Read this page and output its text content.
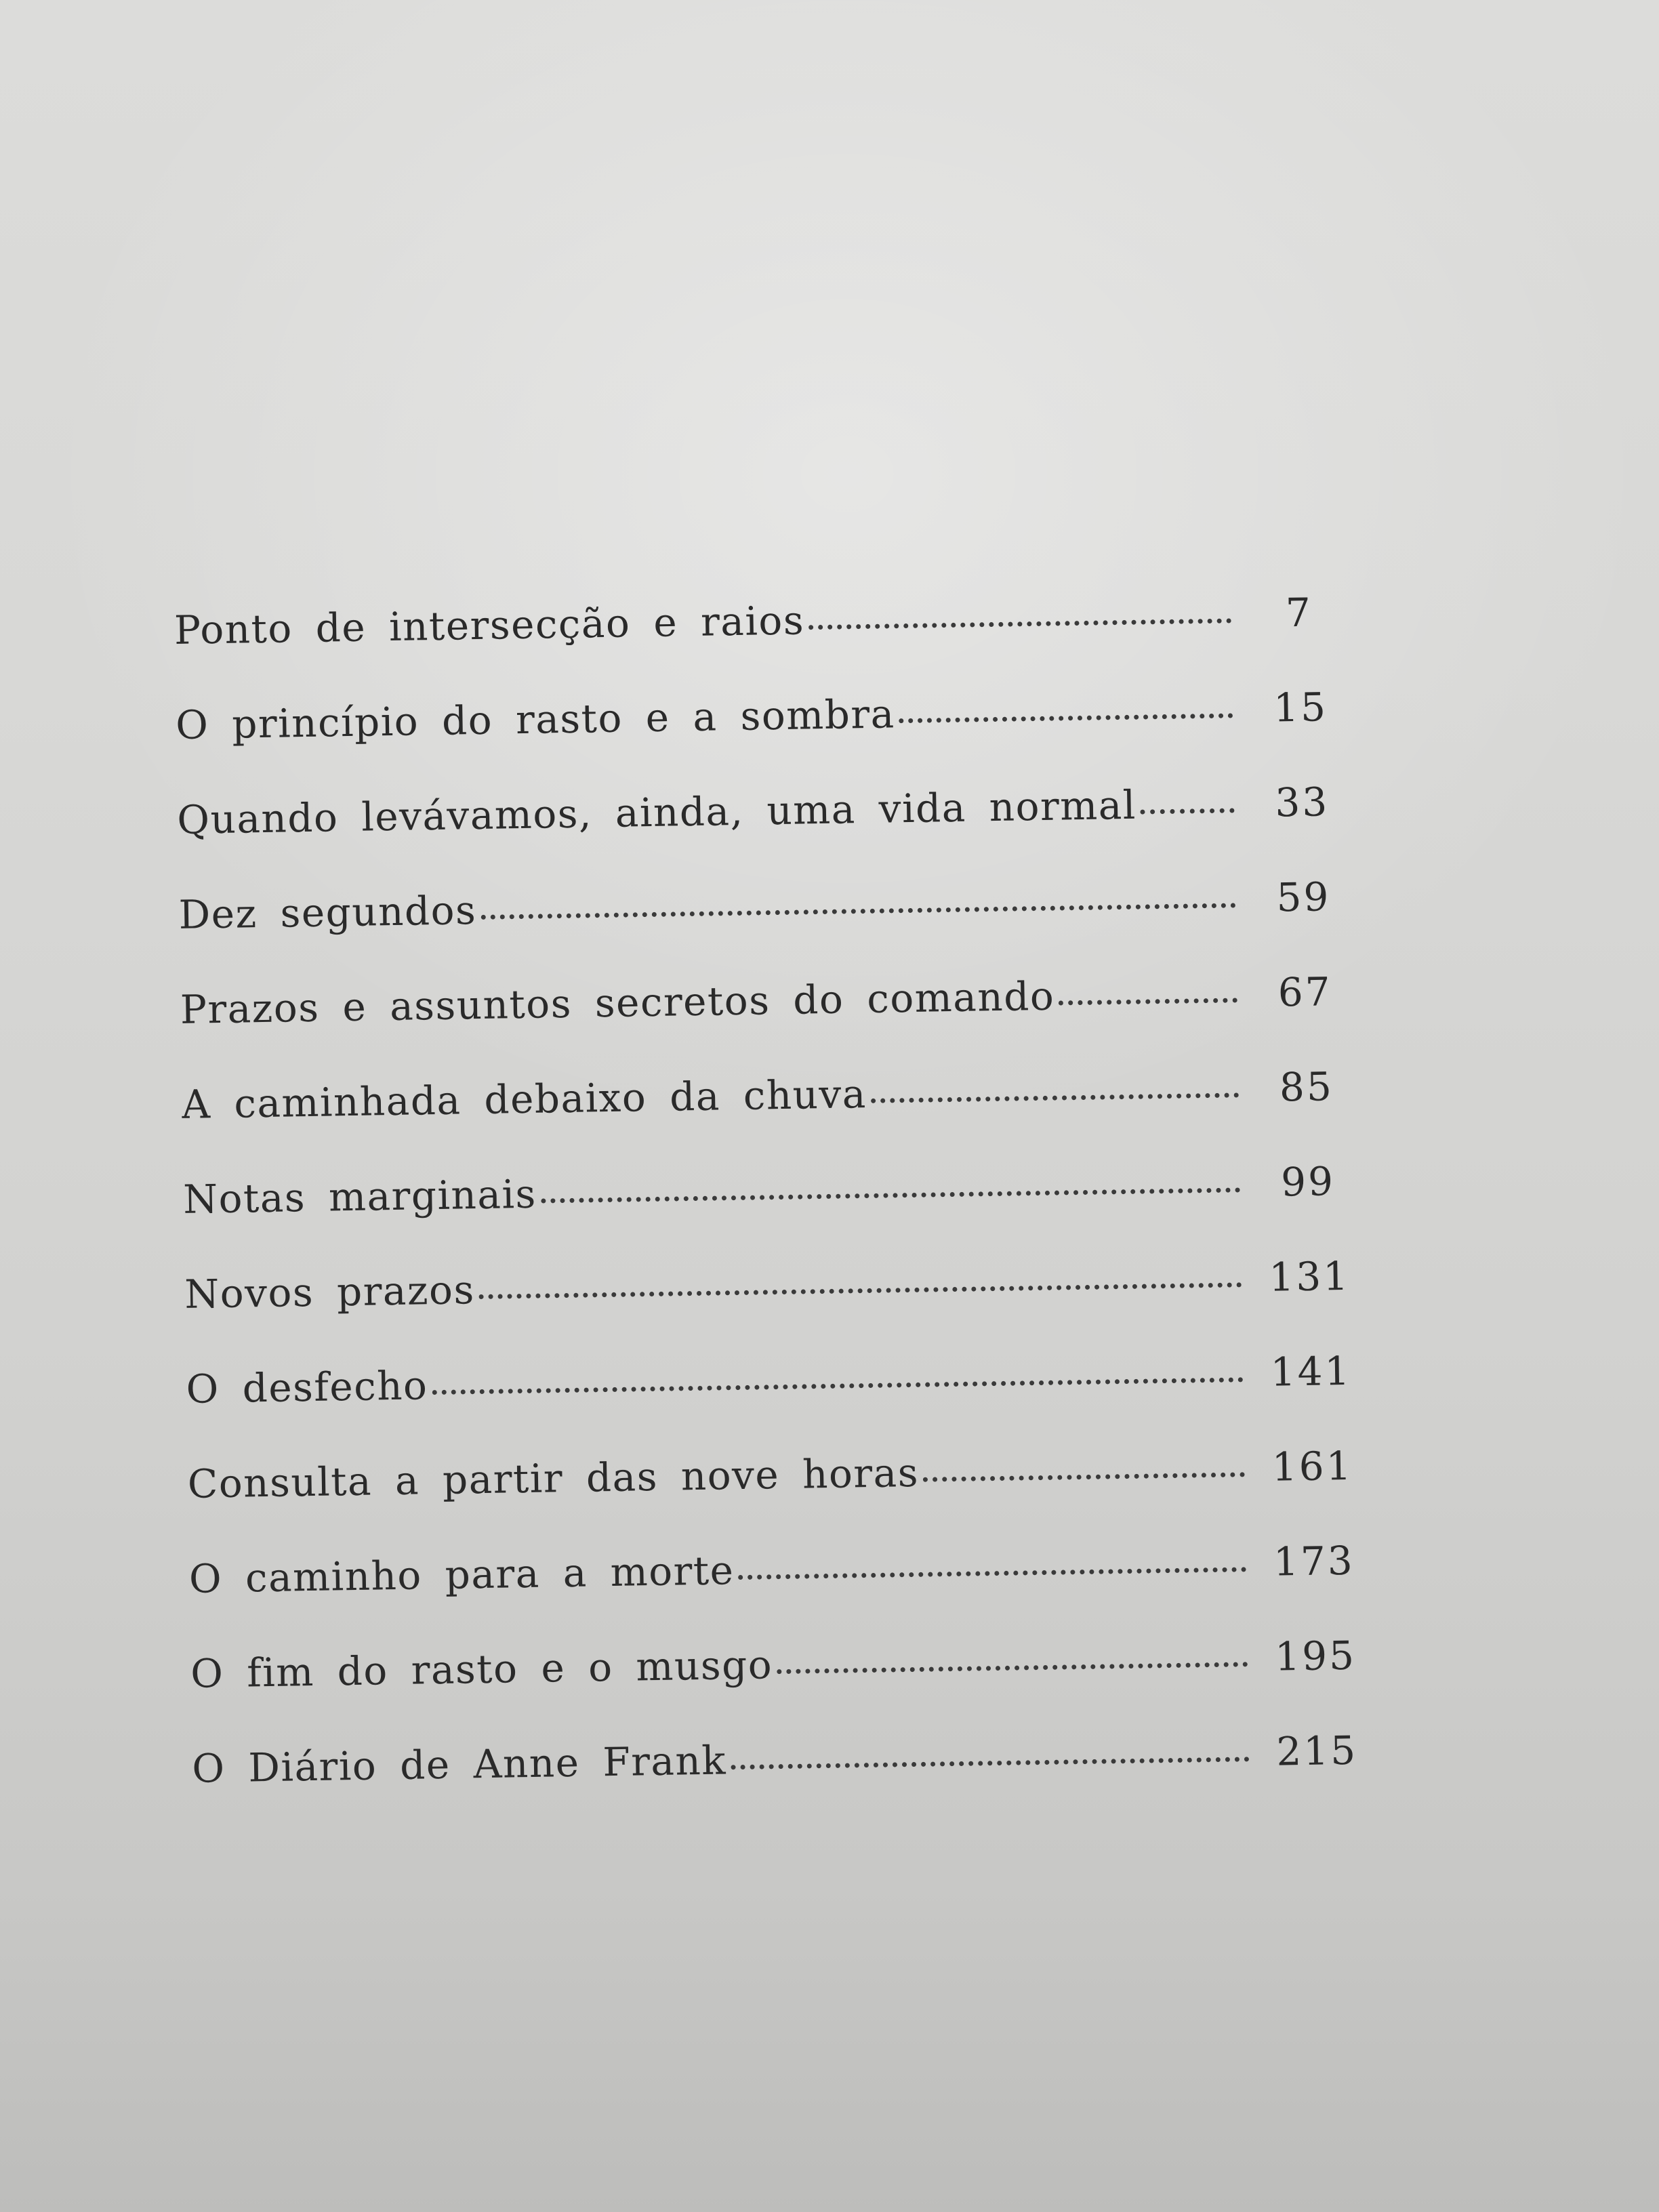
Ponto de intersecção e raios	7
O princípio do rasto e a sombra	15
Quando levávamos, ainda, uma vida normal	33
Dez segundos	59
Prazos e assuntos secretos do comando	67
A caminhada debaixo da chuva	85
Notas marginais	99
Novos prazos	131
O desfecho	141
Consulta a partir das nove horas	161
O caminho para a morte	173
O fim do rasto e o musgo	195
O Diário de Anne Frank	215
